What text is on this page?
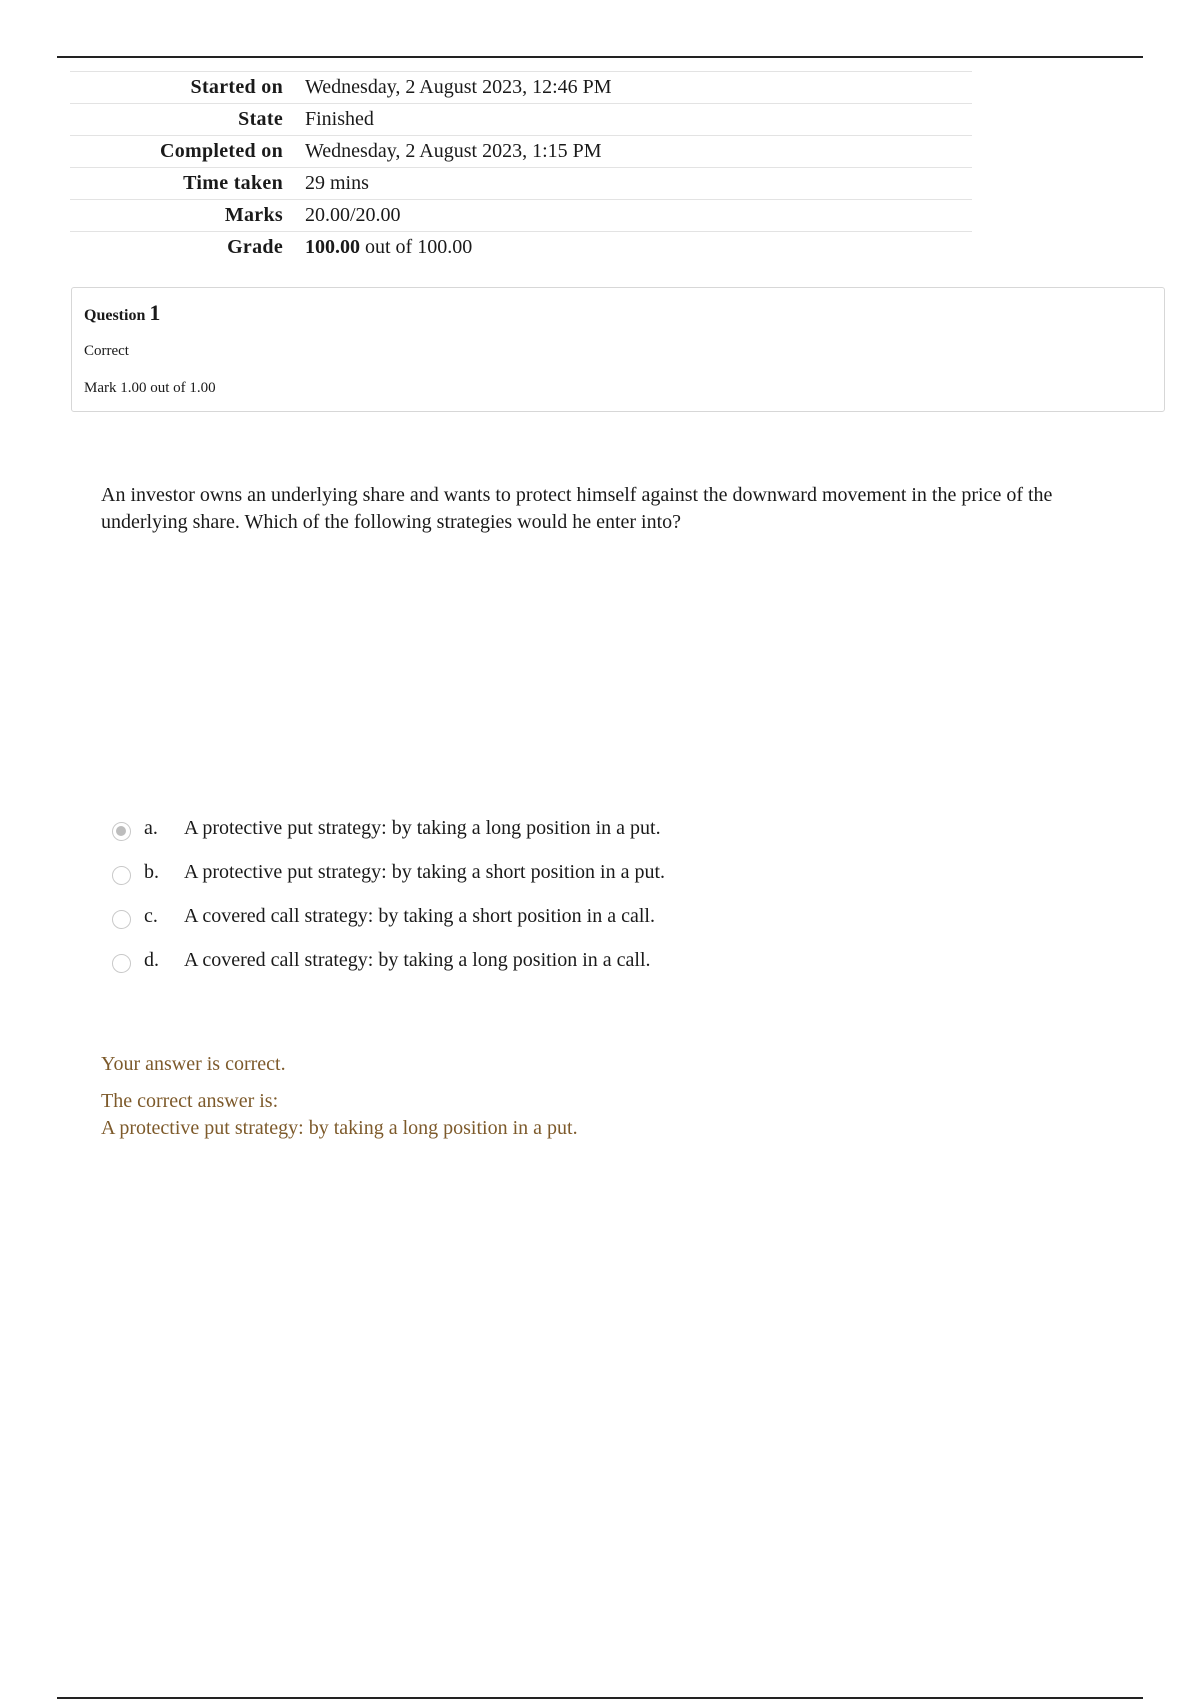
Started on	Wednesday, 2 August 2023, 12:46 PM
State	Finished
Completed on	Wednesday, 2 August 2023, 1:15 PM
Time taken	29 mins
Marks	20.00/20.00
Grade	100.00 out of 100.00
Question 1
Correct
Mark 1.00 out of 1.00
An investor owns an underlying share and wants to protect himself against the downward movement in the price of the underlying share. Which of the following strategies would he enter into?
a.	A protective put strategy: by taking a long position in a put.
b.	A protective put strategy: by taking a short position in a put.
c.	A covered call strategy: by taking a short position in a call.
d.	A covered call strategy: by taking a long position in a call.
Your answer is correct.
The correct answer is:
A protective put strategy: by taking a long position in a put.
